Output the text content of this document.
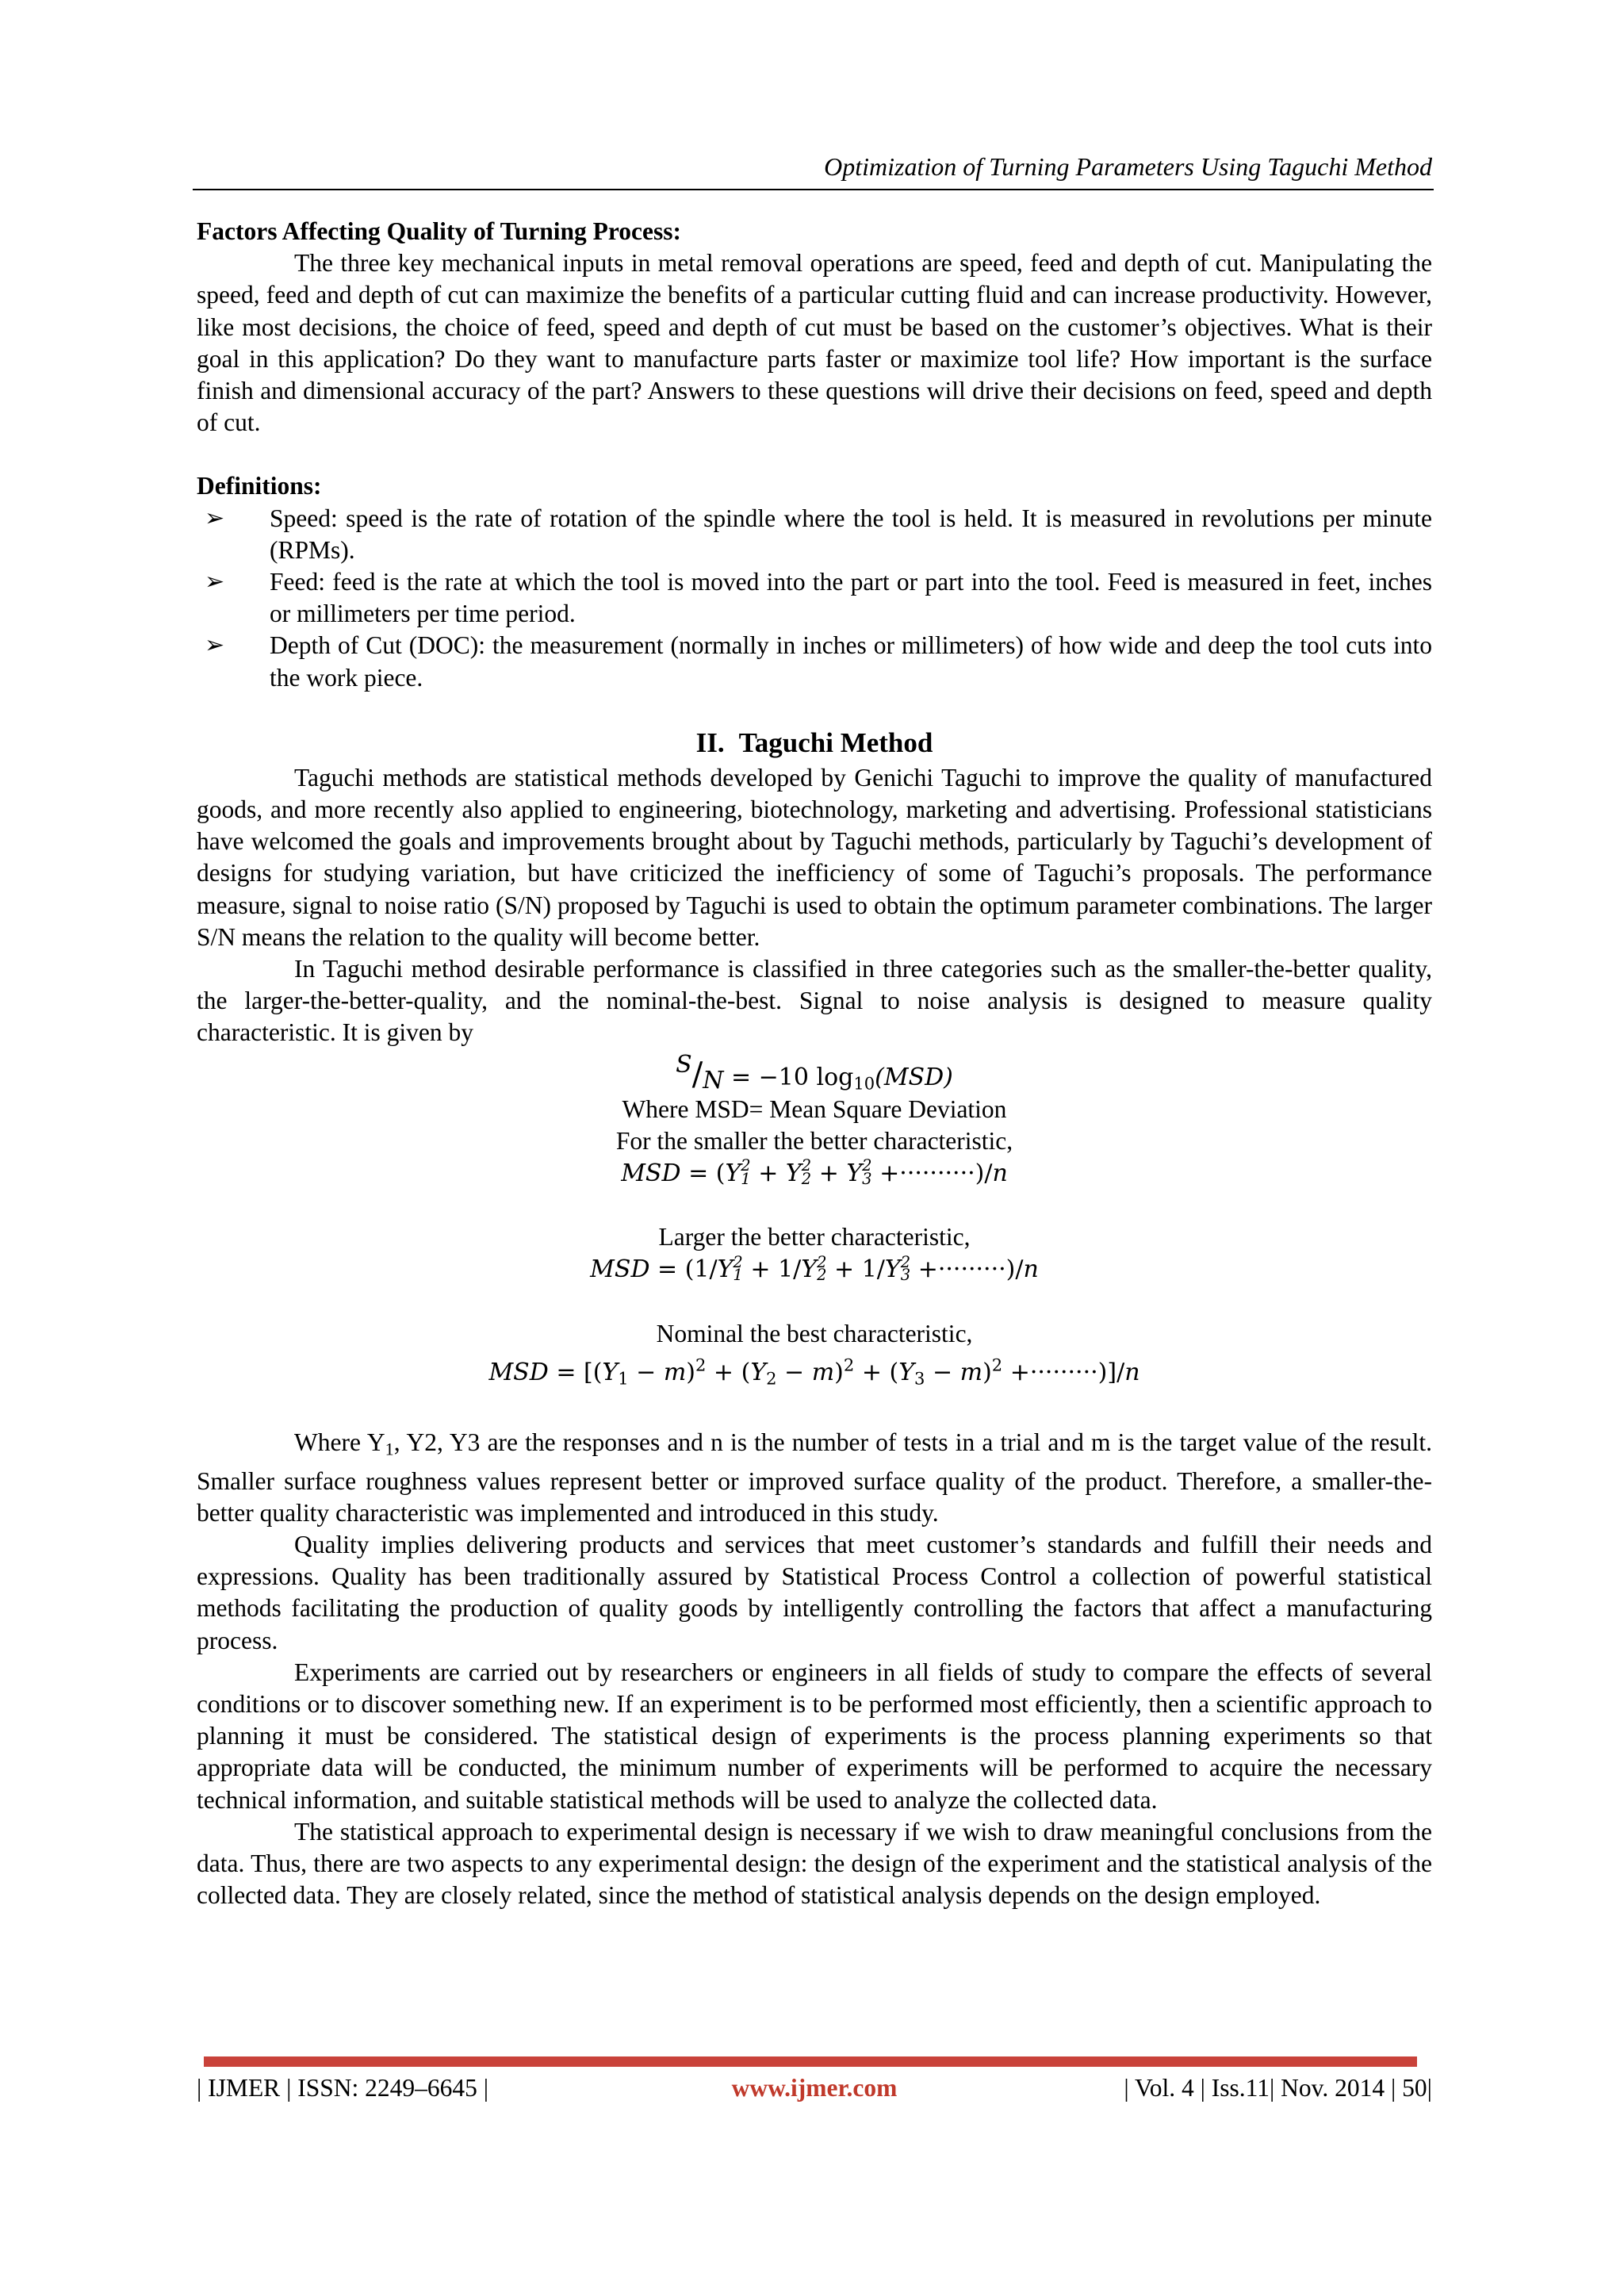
Optimization of Turning Parameters Using Taguchi Method

Factors Affecting Quality of Turning Process:

The three key mechanical inputs in metal removal operations are speed, feed and depth of cut. Manipulating the speed, feed and depth of cut can maximize the benefits of a particular cutting fluid and can increase productivity. However, like most decisions, the choice of feed, speed and depth of cut must be based on the customer’s objectives. What is their goal in this application? Do they want to manufacture parts faster or maximize tool life? How important is the surface finish and dimensional accuracy of the part? Answers to these questions will drive their decisions on feed, speed and depth of cut.

Definitions:

➢ Speed: speed is the rate of rotation of the spindle where the tool is held. It is measured in revolutions per minute (RPMs).
➢ Feed: feed is the rate at which the tool is moved into the part or part into the tool. Feed is measured in feet, inches or millimeters per time period.
➢ Depth of Cut (DOC): the measurement (normally in inches or millimeters) of how wide and deep the tool cuts into the work piece.
II. Taguchi Method

Taguchi methods are statistical methods developed by Genichi Taguchi to improve the quality of manufactured goods, and more recently also applied to engineering, biotechnology, marketing and advertising. Professional statisticians have welcomed the goals and improvements brought about by Taguchi methods, particularly by Taguchi’s development of designs for studying variation, but have criticized the inefficiency of some of Taguchi’s proposals. The performance measure, signal to noise ratio (S/N) proposed by Taguchi is used to obtain the optimum parameter combinations. The larger S/N means the relation to the quality will become better.

In Taguchi method desirable performance is classified in three categories such as the smaller-the-better quality, the larger-the-better-quality, and the nominal-the-best. Signal to noise analysis is designed to measure quality characteristic. It is given by

S/N = −10 $\log_{10}(MSD)$
Where MSD= Mean Square Deviation
For the smaller the better characteristic,
MSD = (Y 2
1 + Y 2
2 + Y 2
3 +··········)/n
Larger the better characteristic,
MSD = (1/Y 2
1 + 1/Y 2
2 + 1/Y 2
3 +·········)/n
Nominal the best characteristic,
MSD = $[(Y_1 - m)^2 + (Y_2 - m)^2 + (Y_3 - m)^2 +\cdot\cdot\cdot\cdot\cdot\cdot\cdot\cdot\cdot)]/n$

Where $Y_1$, Y2, Y3 are the responses and n is the number of tests in a trial and m is the target value of the result. Smaller surface roughness values represent better or improved surface quality of the product. Therefore, a smaller-the-better quality characteristic was implemented and introduced in this study.

Quality implies delivering products and services that meet customer’s standards and fulfill their needs and expressions. Quality has been traditionally assured by Statistical Process Control a collection of powerful statistical methods facilitating the production of quality goods by intelligently controlling the factors that affect a manufacturing process.

Experiments are carried out by researchers or engineers in all fields of study to compare the effects of several conditions or to discover something new. If an experiment is to be performed most efficiently, then a scientific approach to planning it must be considered. The statistical design of experiments is the process planning experiments so that appropriate data will be conducted, the minimum number of experiments will be performed to acquire the necessary technical information, and suitable statistical methods will be used to analyze the collected data.

The statistical approach to experimental design is necessary if we wish to draw meaningful conclusions from the data. Thus, there are two aspects to any experimental design: the design of the experiment and the statistical analysis of the collected data. They are closely related, since the method of statistical analysis depends on the design employed.

| IJMER | ISSN: 2249–6645 |	www.ijmer.com	| Vol. 4 | Iss.11| Nov. 2014 | 50|
